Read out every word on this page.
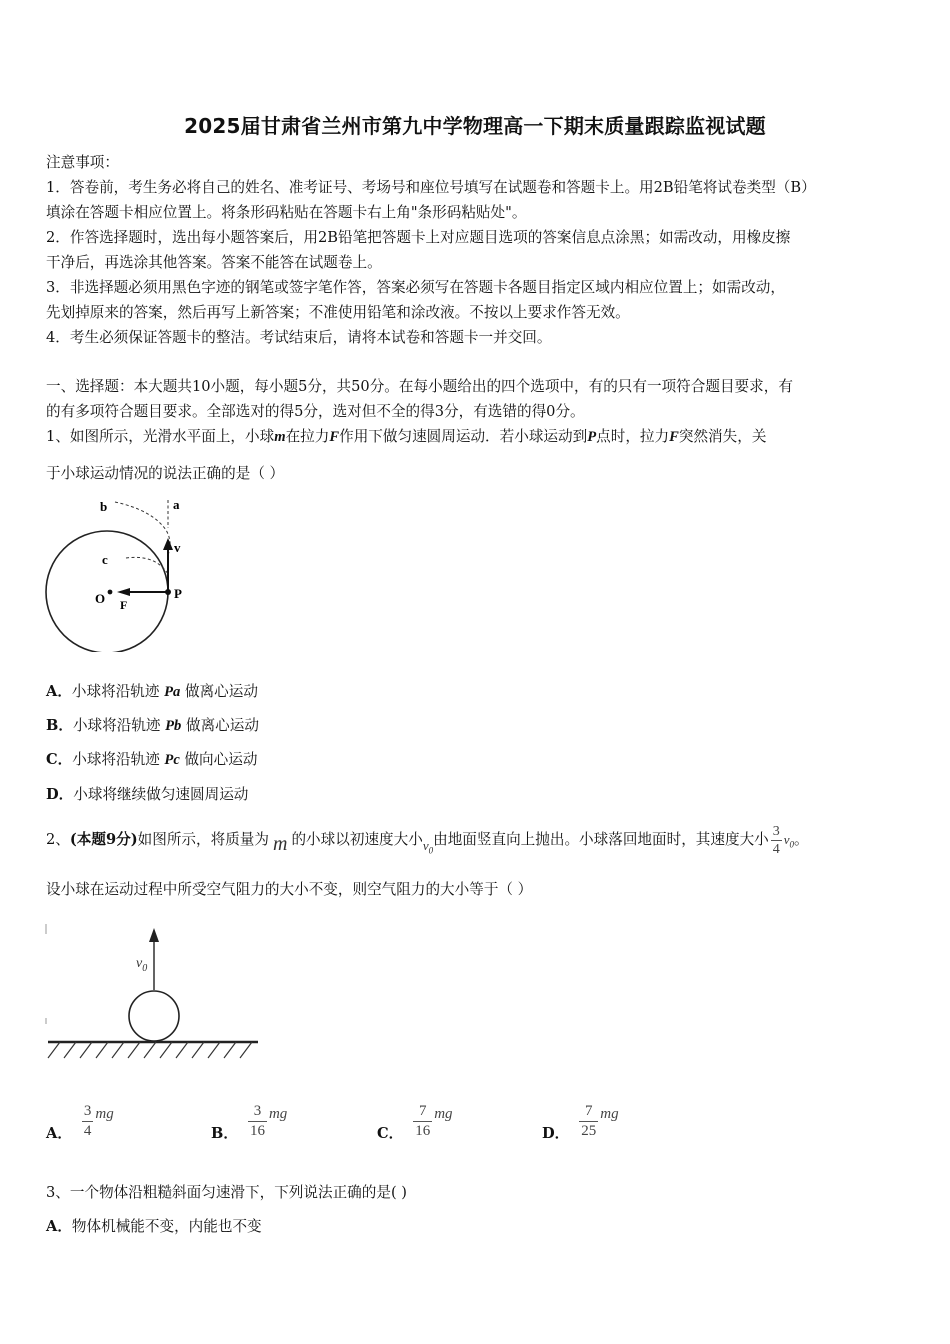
2025届甘肃省兰州市第九中学物理高一下期末质量跟踪监视试题
注意事项：
1．答卷前，考生务必将自己的姓名、准考证号、考场号和座位号填写在试题卷和答题卡上。用2B铅笔将试卷类型（B）
填涂在答题卡相应位置上。将条形码粘贴在答题卡右上角"条形码粘贴处"。
2．作答选择题时，选出每小题答案后，用2B铅笔把答题卡上对应题目选项的答案信息点涂黑；如需改动，用橡皮擦
干净后，再选涂其他答案。答案不能答在试题卷上。
3．非选择题必须用黑色字迹的钢笔或签字笔作答，答案必须写在答题卡各题目指定区域内相应位置上；如需改动，
先划掉原来的答案，然后再写上新答案；不准使用铅笔和涂改液。不按以上要求作答无效。
4．考生必须保证答题卡的整洁。考试结束后，请将本试卷和答题卡一并交回。
一、选择题：本大题共10小题，每小题5分，共50分。在每小题给出的四个选项中，有的只有一项符合题目要求，有
的有多项符合题目要求。全部选对的得5分，选对但不全的得3分，有选错的得0分。
1、如图所示，光滑水平面上，小球m在拉力F作用下做匀速圆周运动．若小球运动到P点时，拉力F突然消失，关
于小球运动情况的说法正确的是（ ）
b	a
v
c
O F
P
A．小球将沿轨迹 Pa 做离心运动
B．小球将沿轨迹 Pb 做离心运动
C．小球将沿轨迹 Pc 做向心运动
D．小球将继续做匀速圆周运动
2、(本题9分)如图所示，将质量为 m 的小球以初速度大小$v_0$由地面竖直向上抛出。小球落回地面时，其速度大小 $\frac{3}{4} v_0$。
设小球在运动过程中所受空气阻力的大小不变，则空气阻力的大小等于（ ）
$v_0$
A． $\frac{3}{4}$ mg
B． $\frac{3}{16}$ mg
C． $\frac{7}{16}$ mg
D． $\frac{7}{25}$ mg
3、一个物体沿粗糙斜面匀速滑下，下列说法正确的是( )
A．物体机械能不变，内能也不变
